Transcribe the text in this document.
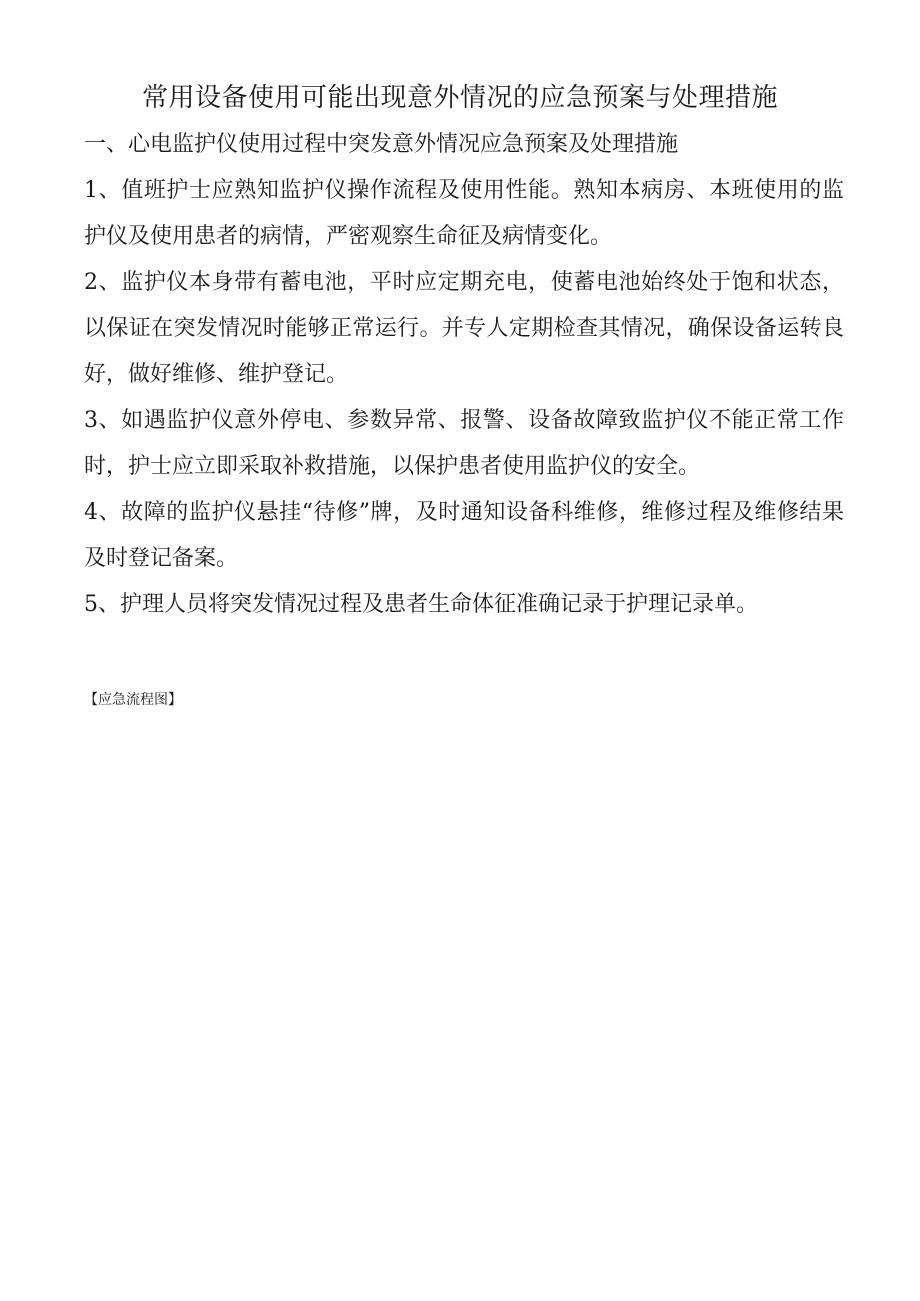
常用设备使用可能出现意外情况的应急预案与处理措施
一、心电监护仪使用过程中突发意外情况应急预案及处理措施

1、值班护士应熟知监护仪操作流程及使用性能。熟知本病房、本班使用的监护仪及使用患者的病情，严密观察生命征及病情变化。

2、监护仪本身带有蓄电池，平时应定期充电，使蓄电池始终处于饱和状态，以保证在突发情况时能够正常运行。并专人定期检查其情况，确保设备运转良好，做好维修、维护登记。

3、如遇监护仪意外停电、参数异常、报警、设备故障致监护仪不能正常工作时，护士应立即采取补救措施，以保护患者使用监护仪的安全。

4、故障的监护仪悬挂“待修”牌，及时通知设备科维修，维修过程及维修结果及时登记备案。

5、护理人员将突发情况过程及患者生命体征准确记录于护理记录单。

【应急流程图】
